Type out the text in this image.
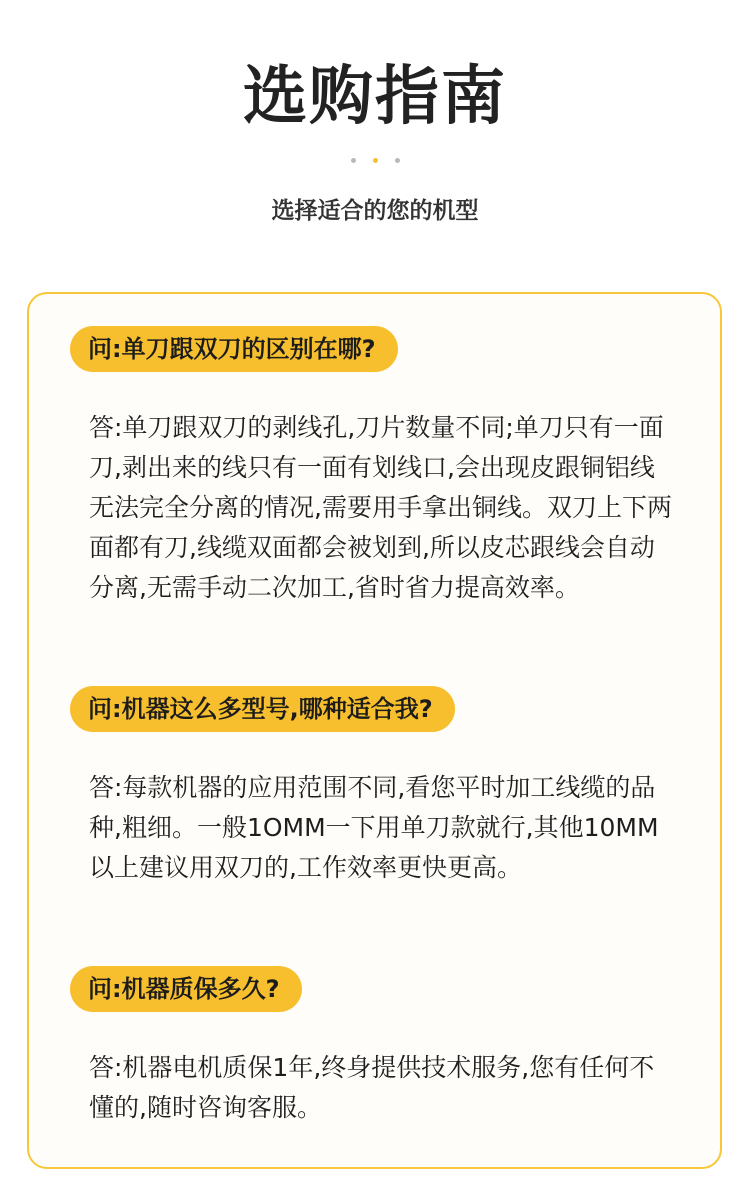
选购指南
选择适合的您的机型
问:单刀跟双刀的区别在哪?
答:单刀跟双刀的剥线孔,刀片数量不同;单刀只有一面刀,剥出来的线只有一面有划线口,会出现皮跟铜铝线无法完全分离的情况,需要用手拿出铜线。双刀上下两面都有刀,线缆双面都会被划到,所以皮芯跟线会自动分离,无需手动二次加工,省时省力提高效率。
问:机器这么多型号,哪种适合我?
答:每款机器的应用范围不同,看您平时加工线缆的品种,粗细。一般1OMM一下用单刀款就行,其他10MM以上建议用双刀的,工作效率更快更高。
问:机器质保多久?
答:机器电机质保1年,终身提供技术服务,您有任何不懂的,随时咨询客服。
